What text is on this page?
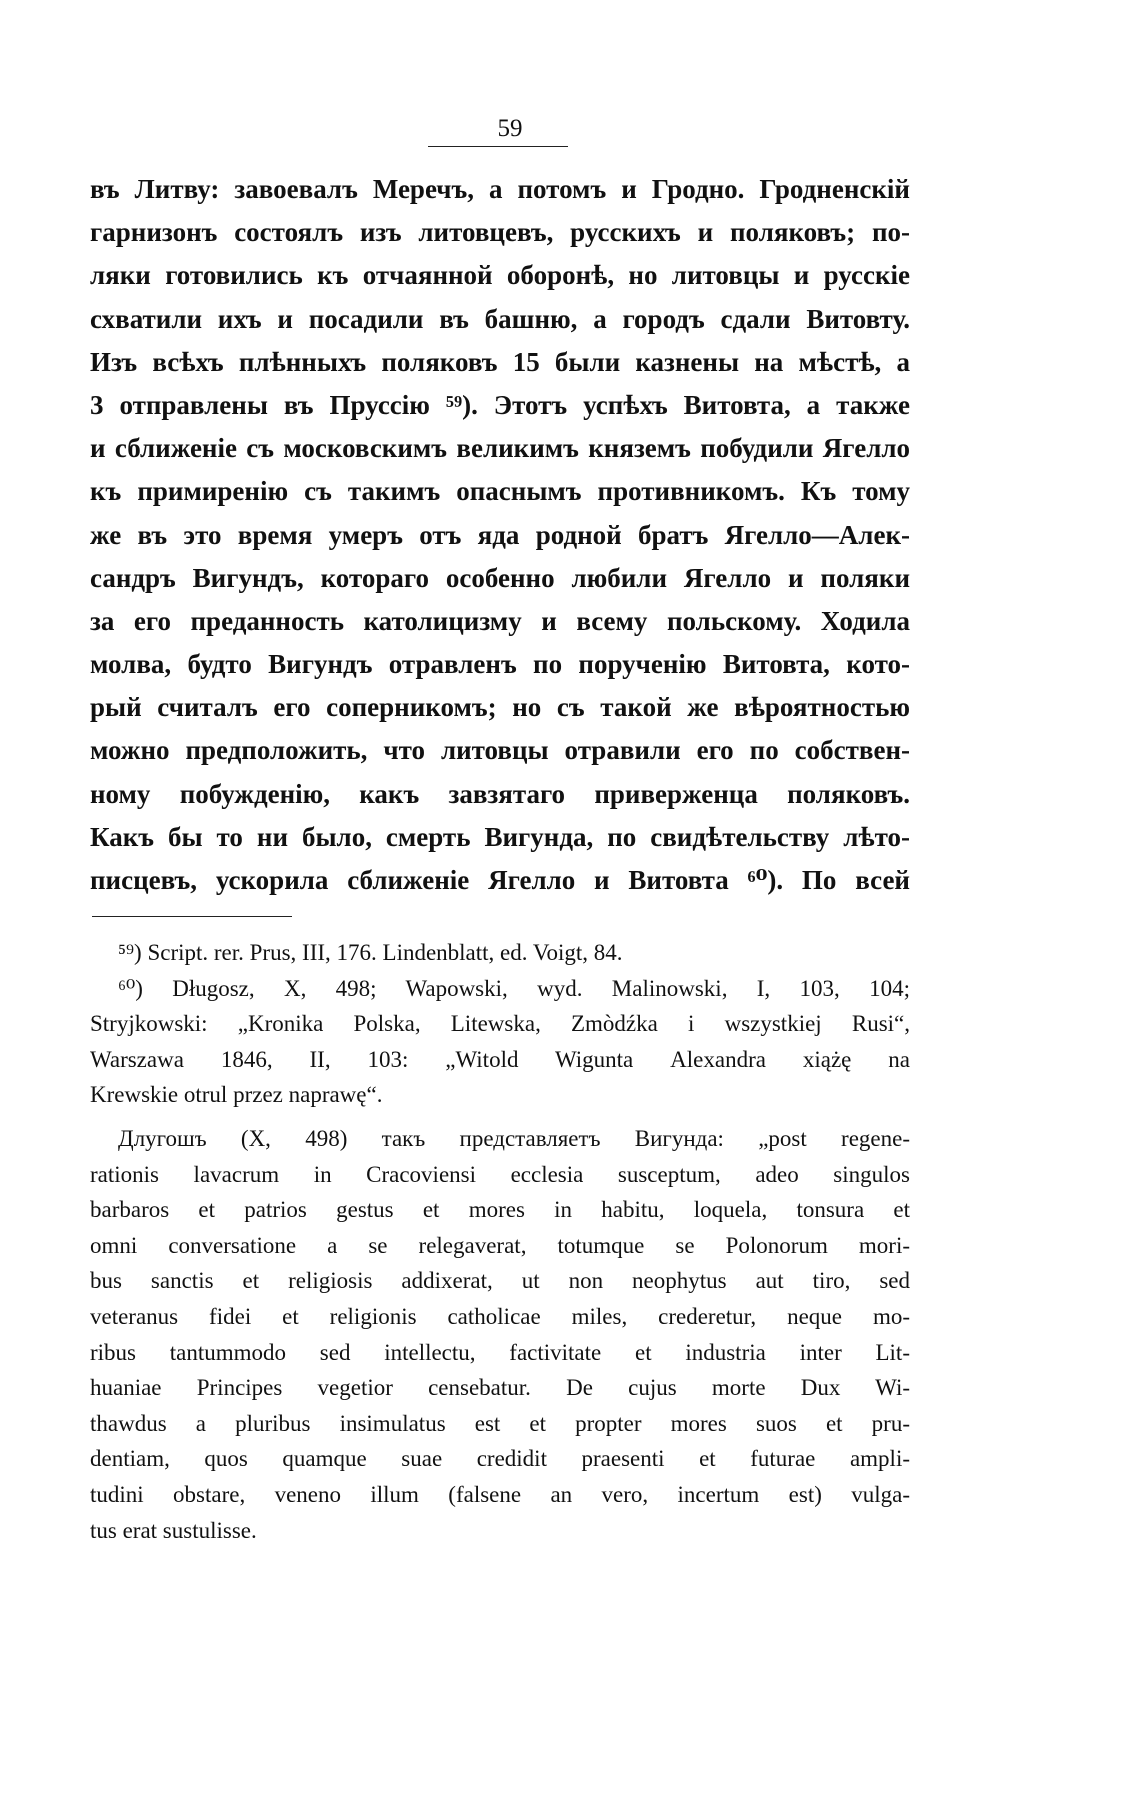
59
въ Литву: завоевалъ Меречъ, а потомъ и Гродно. Гродненскій
гарнизонъ состоялъ изъ литовцевъ, русскихъ и поляковъ; по-
ляки готовились къ отчаянной оборонѣ, но литовцы и русскіе
схватили ихъ и посадили въ башню, а городъ сдали Витовту.
Изъ всѣхъ плѣнныхъ поляковъ 15 были казнены на мѣстѣ, а
3 отправлены въ Пруссію ⁵⁹). Этотъ успѣхъ Витовта, а также
и сближеніе съ московскимъ великимъ княземъ побудили Ягелло
къ примиренію съ такимъ опаснымъ противникомъ. Къ тому
же въ это время умеръ отъ яда родной братъ Ягелло—Алек-
сандръ Вигундъ, котораго особенно любили Ягелло и поляки
за его преданность католицизму и всему польскому. Ходила
молва, будто Вигундъ отравленъ по порученію Витовта, кото-
рый считалъ его соперникомъ; но съ такой же вѣроятностью
можно предположить, что литовцы отравили его по собствен-
ному побужденію, какъ завзятаго приверженца поляковъ.
Какъ бы то ни было, смерть Вигунда, по свидѣтельству лѣто-
писцевъ, ускорила сближеніе Ягелло и Витовта ⁶⁰). По всей
⁵⁹) Script. rer. Prus, III, 176. Lindenblatt, ed. Voigt, 84.
⁶⁰) Długosz, X, 498; Wapowski, wyd. Malinowski, I, 103, 104;
Stryjkowski: „Kronika Polska, Litewska, Zmòdźka i wszystkiej Rusi“,
Warszawa 1846, II, 103: „Witold Wiguntа Alexandra xiążę na
Krewskie otrul przez naprawę“.
Длугошъ (X, 498) такъ представляетъ Вигунда: „post regene-
rationis lavacrum in Cracoviensi ecclesia susceptum, adeo singulos
barbaros et patrios gestus et mores in habitu, loquela, tonsura et
omni conversatione a se relegaverat, totumque se Polonorum mori-
bus sanctis et religiosis addixerat, ut non neophytus aut tiro, sed
veteranus fidei et religionis catholicae miles, crederetur, neque mo-
ribus tantummodo sed intellectu, factivitate et industria inter Lit-
huaniae Principes vegetior censebatur. De cujus morte Dux Wi-
thawdus a pluribus insimulatus est et propter mores suos et pru-
dentiam, quos quamque suae credidit praesenti et futurae ampli-
tudini obstare, veneno illum (falsene an vero, incertum est) vulga-
tus erat sustulisse.
